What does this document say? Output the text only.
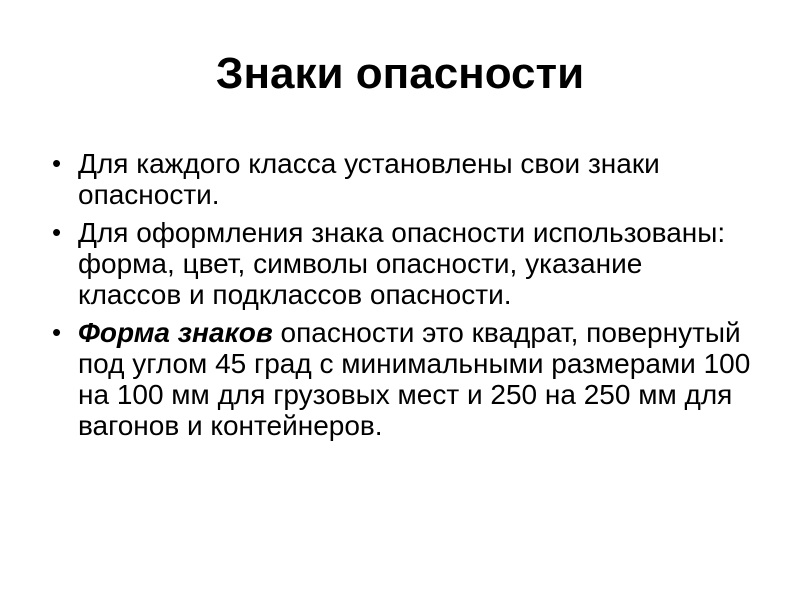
Знаки опасности
• Для каждого класса установлены свои знаки опасности.
• Для оформления знака опасности использованы: форма, цвет, символы опасности, указание классов и подклассов опасности.
• Форма знаков опасности это квадрат, повернутый под углом 45 град с минимальными размерами 100 на 100 мм для грузовых мест и 250 на 250 мм для вагонов и контейнеров.
